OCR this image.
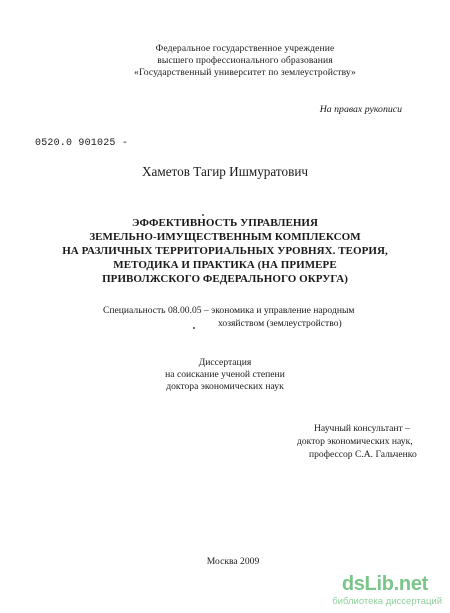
Федеральное государственное учреждение
высшего профессионального образования
«Государственный университет по землеустройству»
На правах рукописи
0520.0 901025 -
Хаметов Тагир Ишмуратович
ЭФФЕКТИВНОСТЬ УПРАВЛЕНИЯ
ЗЕМЕЛЬНО-ИМУЩЕСТВЕННЫМ КОМПЛЕКСОМ
НА РАЗЛИЧНЫХ ТЕРРИТОРИАЛЬНЫХ УРОВНЯХ. ТЕОРИЯ,
МЕТОДИКА И ПРАКТИКА (НА ПРИМЕРЕ
ПРИВОЛЖСКОГО ФЕДЕРАЛЬНОГО ОКРУГА)
Специальность 08.00.05 – экономика и управление народным
хозяйством (землеустройство)
Диссертация
на соискание ученой степени
доктора экономических наук
Научный консультант –
доктор экономических наук,
профессор С.А. Гальченко
Москва 2009
dsLib.net
библиотека диссертаций
